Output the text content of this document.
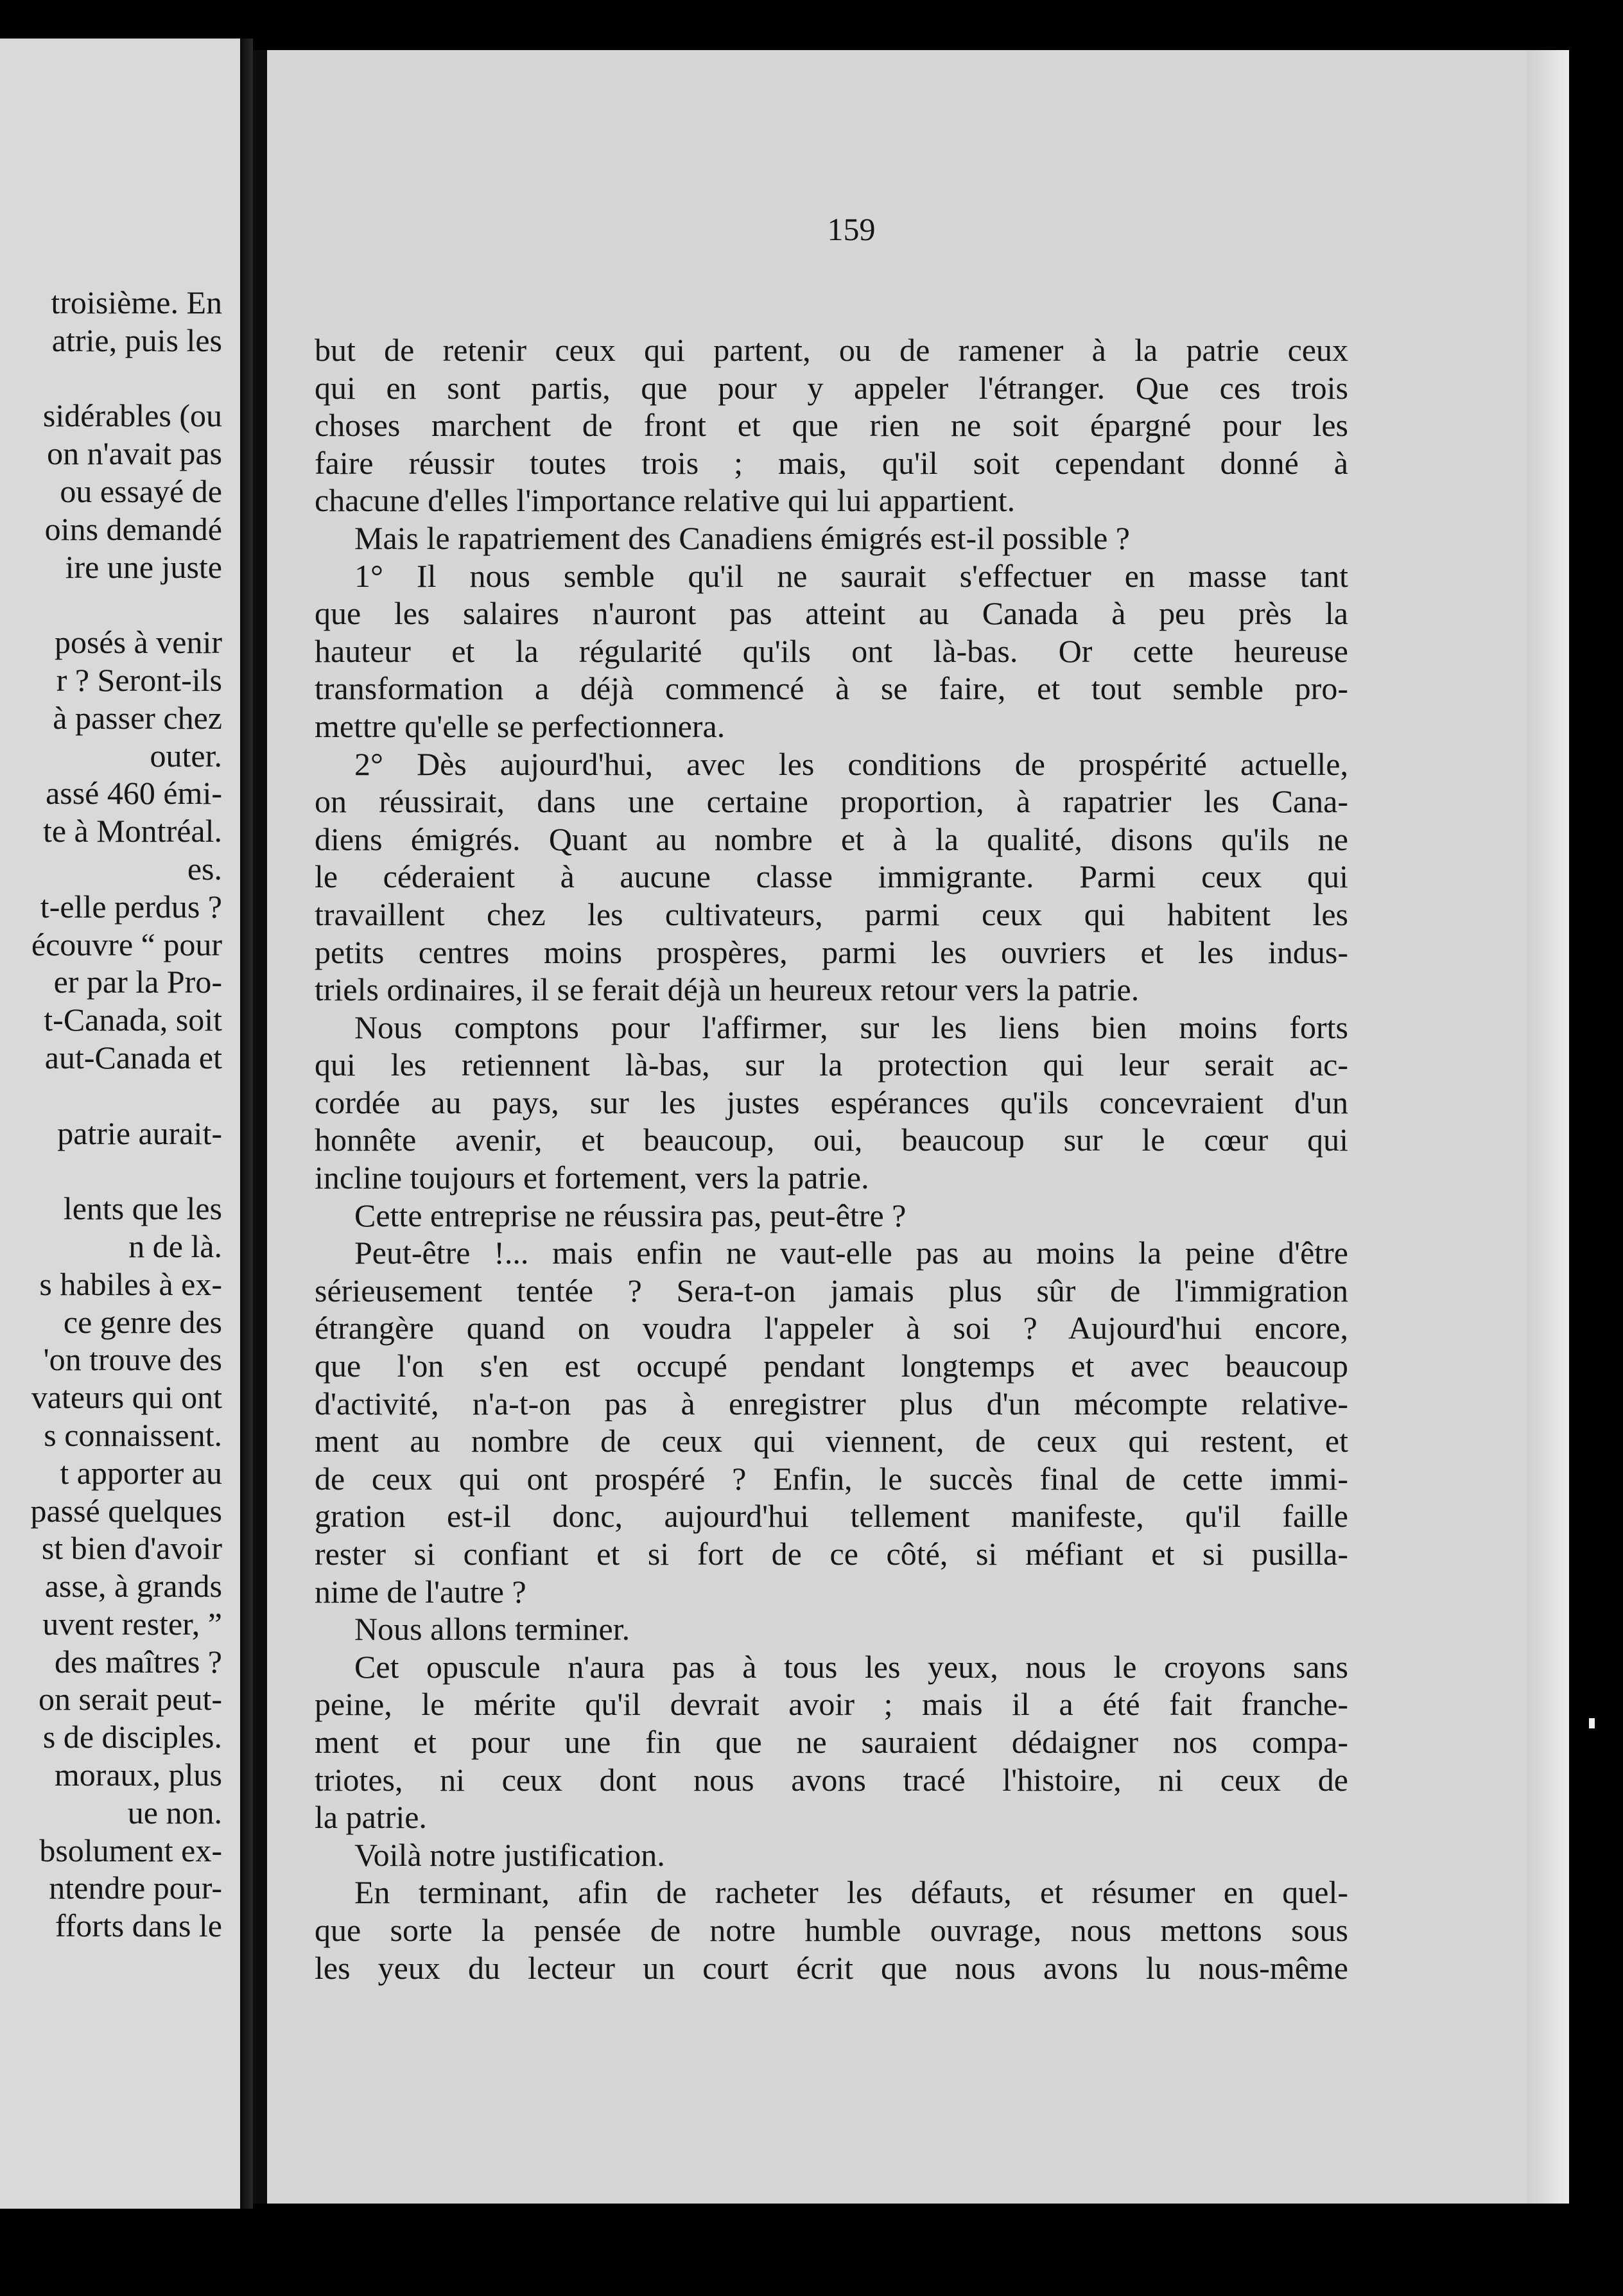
troisième. En
atrie, puis les
sidérables (ou
on n'avait pas
ou essayé de
oins demandé
ire une juste
posés à venir
r ? Seront-ils
à passer chez
outer.
assé 460 émi-
te à Montréal.
es.
t-elle perdus ?
écouvre “ pour
er par la Pro-
t-Canada, soit
aut-Canada et
patrie aurait-
lents que les
n de là.
s habiles à ex-
ce genre des
'on trouve des
vateurs qui ont
s connaissent.
t apporter au
passé quelques
st bien d'avoir
asse, à grands
uvent rester, ”
des maîtres ?
on serait peut-
s de disciples.
moraux, plus
ue non.
bsolument ex-
ntendre pour-
fforts dans le
159
but de retenir ceux qui partent, ou de ramener à la patrie ceux
qui en sont partis, que pour y appeler l'étranger. Que ces trois
choses marchent de front et que rien ne soit épargné pour les
faire réussir toutes trois ; mais, qu'il soit cependant donné à
chacune d'elles l'importance relative qui lui appartient.
Mais le rapatriement des Canadiens émigrés est-il possible ?
1° Il nous semble qu'il ne saurait s'effectuer en masse tant
que les salaires n'auront pas atteint au Canada à peu près la
hauteur et la régularité qu'ils ont là-bas. Or cette heureuse
transformation a déjà commencé à se faire, et tout semble pro-
mettre qu'elle se perfectionnera.
2° Dès aujourd'hui, avec les conditions de prospérité actuelle,
on réussirait, dans une certaine proportion, à rapatrier les Cana-
diens émigrés. Quant au nombre et à la qualité, disons qu'ils ne
le céderaient à aucune classe immigrante. Parmi ceux qui
travaillent chez les cultivateurs, parmi ceux qui habitent les
petits centres moins prospères, parmi les ouvriers et les indus-
triels ordinaires, il se ferait déjà un heureux retour vers la patrie.
Nous comptons pour l'affirmer, sur les liens bien moins forts
qui les retiennent là-bas, sur la protection qui leur serait ac-
cordée au pays, sur les justes espérances qu'ils concevraient d'un
honnête avenir, et beaucoup, oui, beaucoup sur le cœur qui
incline toujours et fortement, vers la patrie.
Cette entreprise ne réussira pas, peut-être ?
Peut-être !... mais enfin ne vaut-elle pas au moins la peine d'être
sérieusement tentée ? Sera-t-on jamais plus sûr de l'immigration
étrangère quand on voudra l'appeler à soi ? Aujourd'hui encore,
que l'on s'en est occupé pendant longtemps et avec beaucoup
d'activité, n'a-t-on pas à enregistrer plus d'un mécompte relative-
ment au nombre de ceux qui viennent, de ceux qui restent, et
de ceux qui ont prospéré ? Enfin, le succès final de cette immi-
gration est-il donc, aujourd'hui tellement manifeste, qu'il faille
rester si confiant et si fort de ce côté, si méfiant et si pusilla-
nime de l'autre ?
Nous allons terminer.
Cet opuscule n'aura pas à tous les yeux, nous le croyons sans
peine, le mérite qu'il devrait avoir ; mais il a été fait franche-
ment et pour une fin que ne sauraient dédaigner nos compa-
triotes, ni ceux dont nous avons tracé l'histoire, ni ceux de
la patrie.
Voilà notre justification.
En terminant, afin de racheter les défauts, et résumer en quel-
que sorte la pensée de notre humble ouvrage, nous mettons sous
les yeux du lecteur un court écrit que nous avons lu nous-même
